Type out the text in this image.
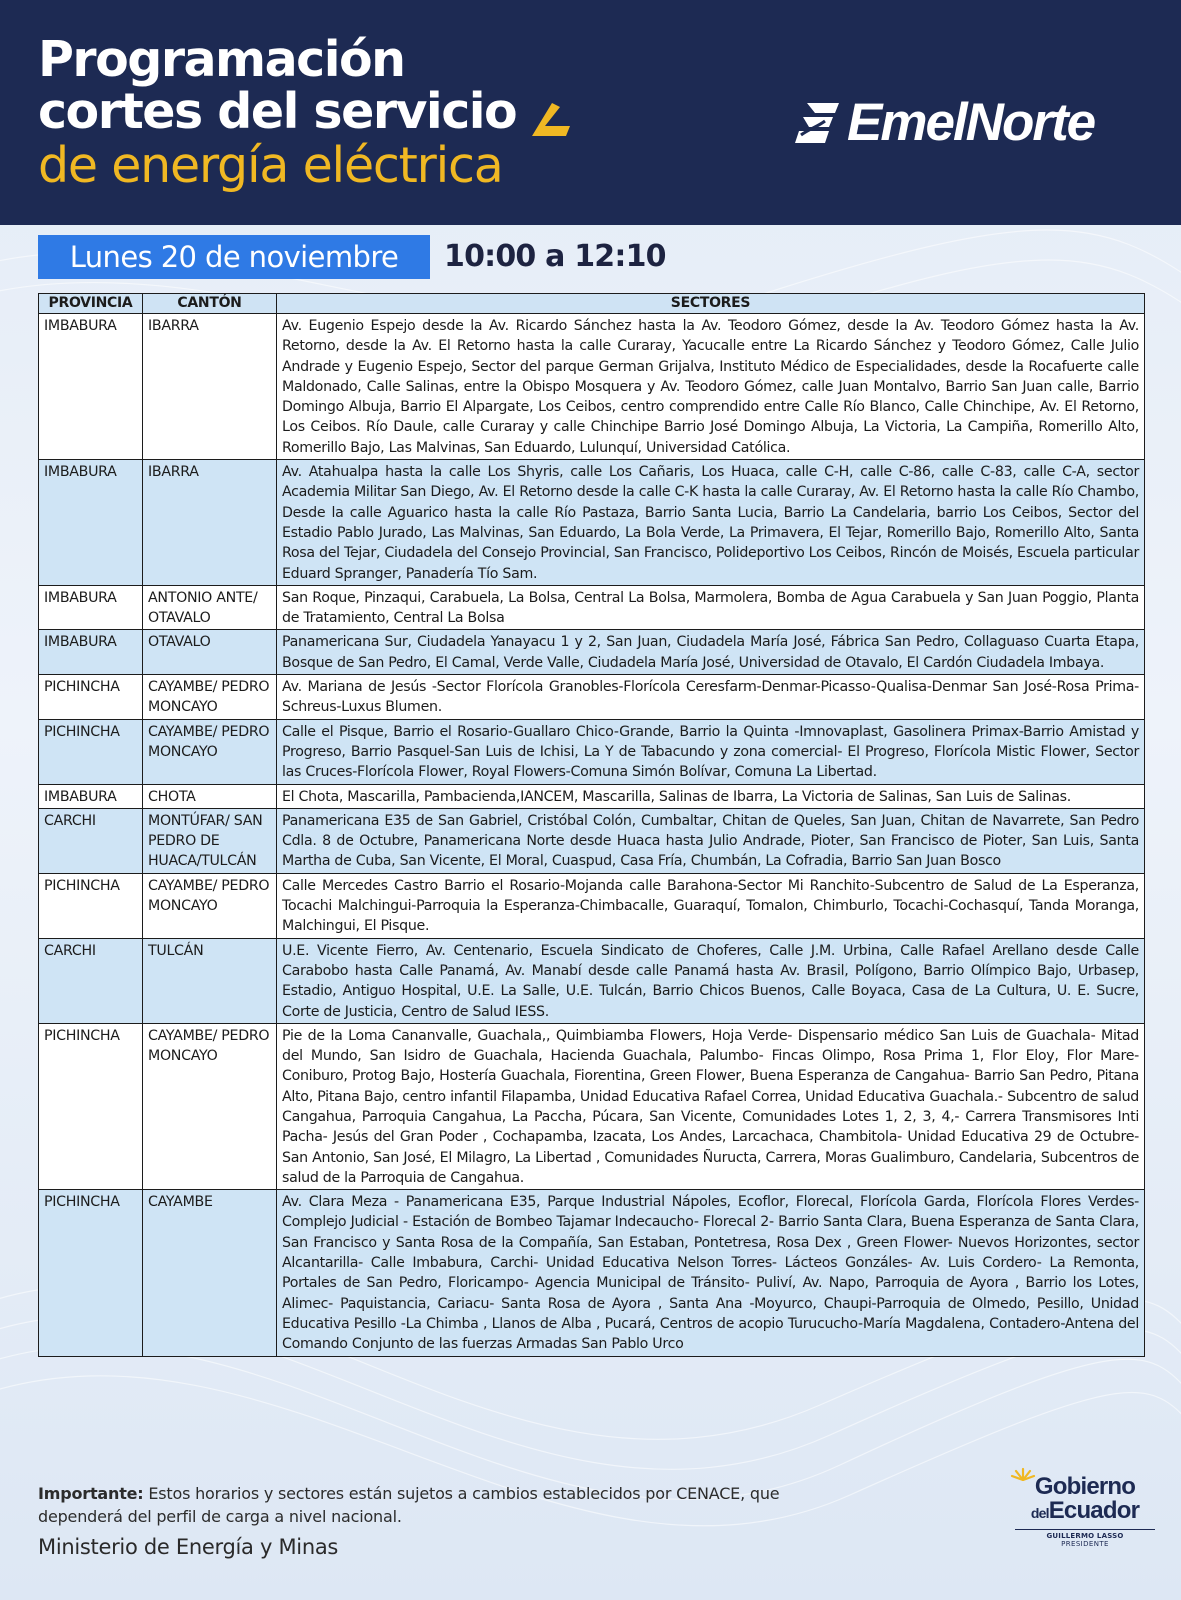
Programación
cortes del servicio
de energía eléctrica
EmelNorte
Lunes 20 de noviembre	10:00 a 12:10
PROVINCIA	CANTÓN	SECTORES
IMBABURA	IBARRA	Av. Eugenio Espejo desde la Av. Ricardo Sánchez hasta la Av. Teodoro Gómez, desde la Av. Teodoro Gómez hasta la Av. Retorno, desde la Av. El Retorno hasta la calle Curaray, Yacucalle entre La Ricardo Sánchez y Teodoro Gómez, Calle Julio Andrade y Eugenio Espejo, Sector del parque German Grijalva, Instituto Médico de Especialidades, desde la Rocafuerte calle Maldonado, Calle Salinas, entre la Obispo Mosquera y Av. Teodoro Gómez, calle Juan Montalvo, Barrio San Juan calle, Barrio Domingo Albuja, Barrio El Alpargate, Los Ceibos, centro comprendido entre Calle Río Blanco, Calle Chinchipe, Av. El Retorno, Los Ceibos. Río Daule, calle Curaray y calle Chinchipe Barrio José Domingo Albuja, La Victoria, La Campiña, Romerillo Alto, Romerillo Bajo, Las Malvinas, San Eduardo, Lulunquí, Universidad Católica.
IMBABURA	IBARRA	Av. Atahualpa hasta la calle Los Shyris, calle Los Cañaris, Los Huaca, calle C-H, calle C-86, calle C-83, calle C-A, sector Academia Militar San Diego, Av. El Retorno desde la calle C-K hasta la calle Curaray, Av. El Retorno hasta la calle Río Chambo, Desde la calle Aguarico hasta la calle Río Pastaza, Barrio Santa Lucia, Barrio La Candelaria, barrio Los Ceibos, Sector del Estadio Pablo Jurado, Las Malvinas, San Eduardo, La Bola Verde, La Primavera, El Tejar, Romerillo Bajo, Romerillo Alto, Santa Rosa del Tejar, Ciudadela del Consejo Provincial, San Francisco, Polideportivo Los Ceibos, Rincón de Moisés, Escuela particular Eduard Spranger, Panadería Tío Sam.
IMBABURA	ANTONIO ANTE/ OTAVALO	San Roque, Pinzaqui, Carabuela, La Bolsa, Central La Bolsa, Marmolera, Bomba de Agua Carabuela y San Juan Poggio, Planta de Tratamiento, Central La Bolsa
IMBABURA	OTAVALO	Panamericana Sur, Ciudadela Yanayacu 1 y 2, San Juan, Ciudadela María José, Fábrica San Pedro, Collaguaso Cuarta Etapa, Bosque de San Pedro, El Camal, Verde Valle, Ciudadela María José, Universidad de Otavalo, El Cardón Ciudadela Imbaya.
PICHINCHA	CAYAMBE/ PEDRO MONCAYO	Av. Mariana de Jesús -Sector Florícola Granobles-Florícola Ceresfarm-Denmar-Picasso-Qualisa-Denmar San José-Rosa Prima-Schreus-Luxus Blumen.
PICHINCHA	CAYAMBE/ PEDRO MONCAYO	Calle el Pisque, Barrio el Rosario-Guallaro Chico-Grande, Barrio la Quinta -Imnovaplast, Gasolinera Primax-Barrio Amistad y Progreso, Barrio Pasquel-San Luis de Ichisi, La Y de Tabacundo y zona comercial- El Progreso, Florícola Mistic Flower, Sector las Cruces-Florícola Flower, Royal Flowers-Comuna Simón Bolívar, Comuna La Libertad.
IMBABURA	CHOTA	El Chota, Mascarilla, Pambacienda,IANCEM, Mascarilla, Salinas de Ibarra, La Victoria de Salinas, San Luis de Salinas.
CARCHI	MONTÚFAR/ SAN PEDRO DE HUACA/TULCÁN	Panamericana E35 de San Gabriel, Cristóbal Colón, Cumbaltar, Chitan de Queles, San Juan, Chitan de Navarrete, San Pedro Cdla. 8 de Octubre, Panamericana Norte desde Huaca hasta Julio Andrade, Pioter, San Francisco de Pioter, San Luis, Santa Martha de Cuba, San Vicente, El Moral, Cuaspud, Casa Fría, Chumbán, La Cofradia, Barrio San Juan Bosco
PICHINCHA	CAYAMBE/ PEDRO MONCAYO	Calle Mercedes Castro Barrio el Rosario-Mojanda calle Barahona-Sector Mi Ranchito-Subcentro de Salud de La Esperanza, Tocachi Malchingui-Parroquia la Esperanza-Chimbacalle, Guaraquí, Tomalon, Chimburlo, Tocachi-Cochasquí, Tanda Moranga, Malchingui, El Pisque.
CARCHI	TULCÁN	U.E. Vicente Fierro, Av. Centenario, Escuela Sindicato de Choferes, Calle J.M. Urbina, Calle Rafael Arellano desde Calle Carabobo hasta Calle Panamá, Av. Manabí desde calle Panamá hasta Av. Brasil, Polígono, Barrio Olímpico Bajo, Urbasep, Estadio, Antiguo Hospital, U.E. La Salle, U.E. Tulcán, Barrio Chicos Buenos, Calle Boyaca, Casa de La Cultura, U. E. Sucre, Corte de Justicia, Centro de Salud IESS.
PICHINCHA	CAYAMBE/ PEDRO MONCAYO	Pie de la Loma Cananvalle, Guachala,, Quimbiamba Flowers, Hoja Verde- Dispensario médico San Luis de Guachala- Mitad del Mundo, San Isidro de Guachala, Hacienda Guachala, Palumbo- Fincas Olimpo, Rosa Prima 1, Flor Eloy, Flor Mare- Coniburo, Protog Bajo, Hostería Guachala, Fiorentina, Green Flower, Buena Esperanza de Cangahua- Barrio San Pedro, Pitana Alto, Pitana Bajo, centro infantil Filapamba, Unidad Educativa Rafael Correa, Unidad Educativa Guachala.- Subcentro de salud Cangahua, Parroquia Cangahua, La Paccha, Púcara, San Vicente, Comunidades Lotes 1, 2, 3, 4,- Carrera Transmisores Inti Pacha- Jesús del Gran Poder , Cochapamba, Izacata, Los Andes, Larcachaca, Chambitola- Unidad Educativa 29 de Octubre- San Antonio, San José, El Milagro, La Libertad , Comunidades Ñuructa, Carrera, Moras Gualimburo, Candelaria, Subcentros de salud de la Parroquia de Cangahua.
PICHINCHA	CAYAMBE	Av. Clara Meza - Panamericana E35, Parque Industrial Nápoles, Ecoflor, Florecal, Florícola Garda, Florícola Flores Verdes- Complejo Judicial - Estación de Bombeo Tajamar Indecaucho- Florecal 2- Barrio Santa Clara, Buena Esperanza de Santa Clara, San Francisco y Santa Rosa de la Compañía, San Estaban, Pontetresa, Rosa Dex , Green Flower- Nuevos Horizontes, sector Alcantarilla- Calle Imbabura, Carchi- Unidad Educativa Nelson Torres- Lácteos Gonzáles- Av. Luis Cordero- La Remonta, Portales de San Pedro, Floricampo- Agencia Municipal de Tránsito- Puliví, Av. Napo, Parroquia de Ayora , Barrio los Lotes, Alimec- Paquistancia, Cariacu- Santa Rosa de Ayora , Santa Ana -Moyurco, Chaupi-Parroquia de Olmedo, Pesillo, Unidad Educativa Pesillo -La Chimba , Llanos de Alba , Pucará, Centros de acopio Turucucho-María Magdalena, Contadero-Antena del Comando Conjunto de las fuerzas Armadas San Pablo Urco
Importante: Estos horarios y sectores están sujetos a cambios establecidos por CENACE, que dependerá del perfil de carga a nivel nacional.
Ministerio de Energía y Minas
Gobierno
delEcuador
GUILLERMO LASSO
PRESIDENTE
